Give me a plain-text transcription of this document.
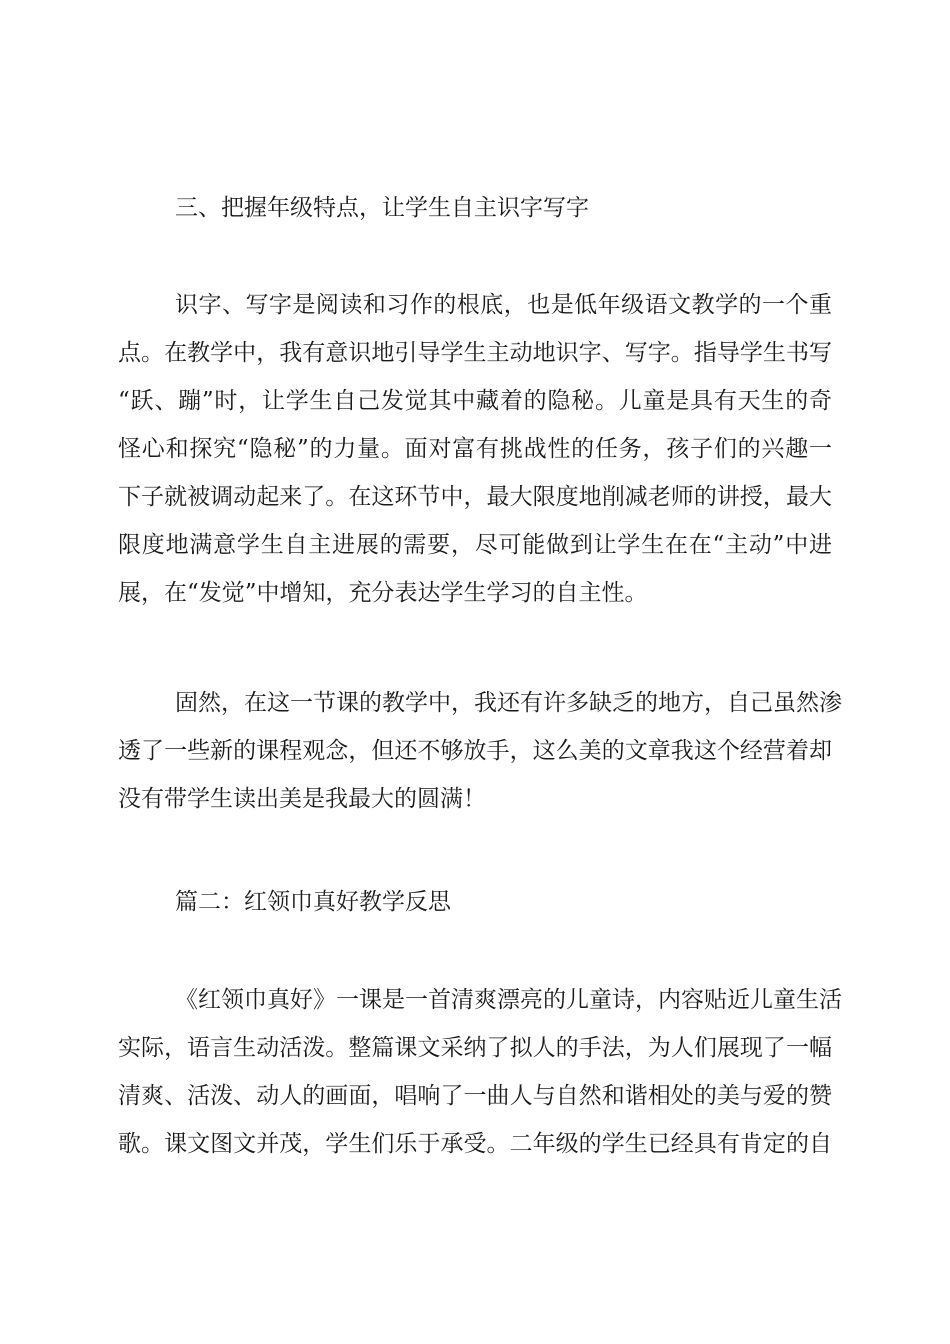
三、把握年级特点，让学生自主识字写字
识字、写字是阅读和习作的根底，也是低年级语文教学的一个重
点。在教学中，我有意识地引导学生主动地识字、写字。指导学生书写
“跃、蹦”时，让学生自己发觉其中藏着的隐秘。儿童是具有天生的奇
怪心和探究“隐秘”的力量。面对富有挑战性的任务，孩子们的兴趣一
下子就被调动起来了。在这环节中，最大限度地削减老师的讲授，最大
限度地满意学生自主进展的需要，尽可能做到让学生在在“主动”中进
展，在“发觉”中增知，充分表达学生学习的自主性。
固然，在这一节课的教学中，我还有许多缺乏的地方，自己虽然渗
透了一些新的课程观念，但还不够放手，这么美的文章我这个经营着却
没有带学生读出美是我最大的圆满！
篇二：红领巾真好教学反思
《红领巾真好》一课是一首清爽漂亮的儿童诗，内容贴近儿童生活
实际，语言生动活泼。整篇课文采纳了拟人的手法，为人们展现了一幅
清爽、活泼、动人的画面，唱响了一曲人与自然和谐相处的美与爱的赞
歌。课文图文并茂，学生们乐于承受。二年级的学生已经具有肯定的自
